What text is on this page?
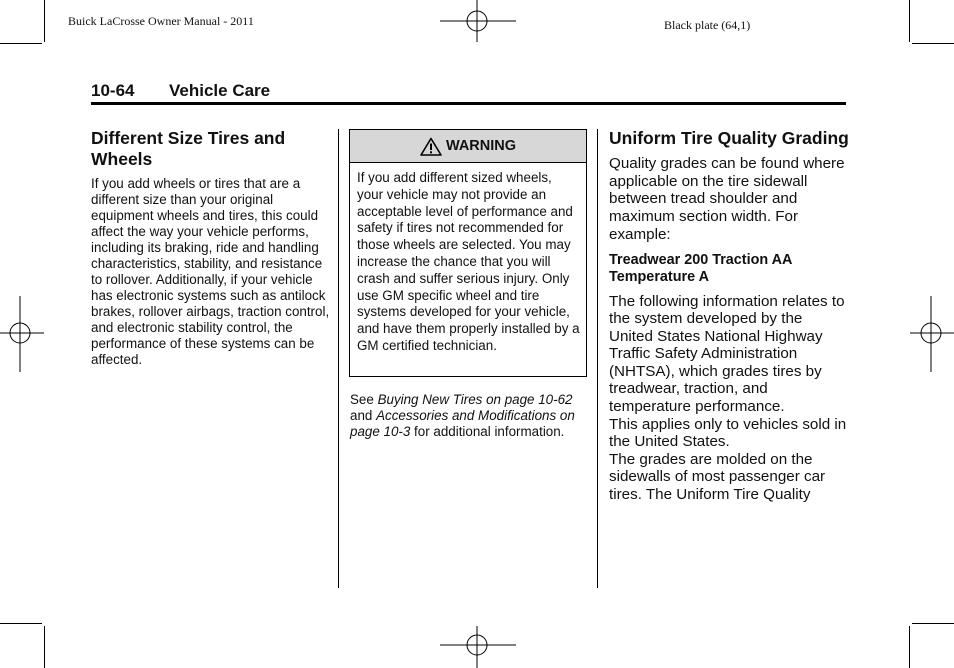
Buick LaCrosse Owner Manual - 2011	Black plate (64,1)
10-64 Vehicle Care
Different Size Tires and Wheels

If you add wheels or tires that are a different size than your original equipment wheels and tires, this could affect the way your vehicle performs, including its braking, ride and handling characteristics, stability, and resistance to rollover. Additionally, if your vehicle has electronic systems such as antilock brakes, rollover airbags, traction control, and electronic stability control, the performance of these systems can be affected.

WARNING
If you add different sized wheels, your vehicle may not provide an acceptable level of performance and safety if tires not recommended for those wheels are selected. You may increase the chance that you will crash and suffer serious injury. Only use GM specific wheel and tire systems developed for your vehicle, and have them properly installed by a GM certified technician.
See Buying New Tires on page 10-62 and Accessories and Modifications on page 10-3 for additional information.
Uniform Tire Quality Grading

Quality grades can be found where applicable on the tire sidewall between tread shoulder and maximum section width. For example:

Treadwear 200 Traction AA Temperature A

The following information relates to the system developed by the United States National Highway Traffic Safety Administration (NHTSA), which grades tires by treadwear, traction, and temperature performance.

This applies only to vehicles sold in the United States.

The grades are molded on the sidewalls of most passenger car tires. The Uniform Tire Quality
